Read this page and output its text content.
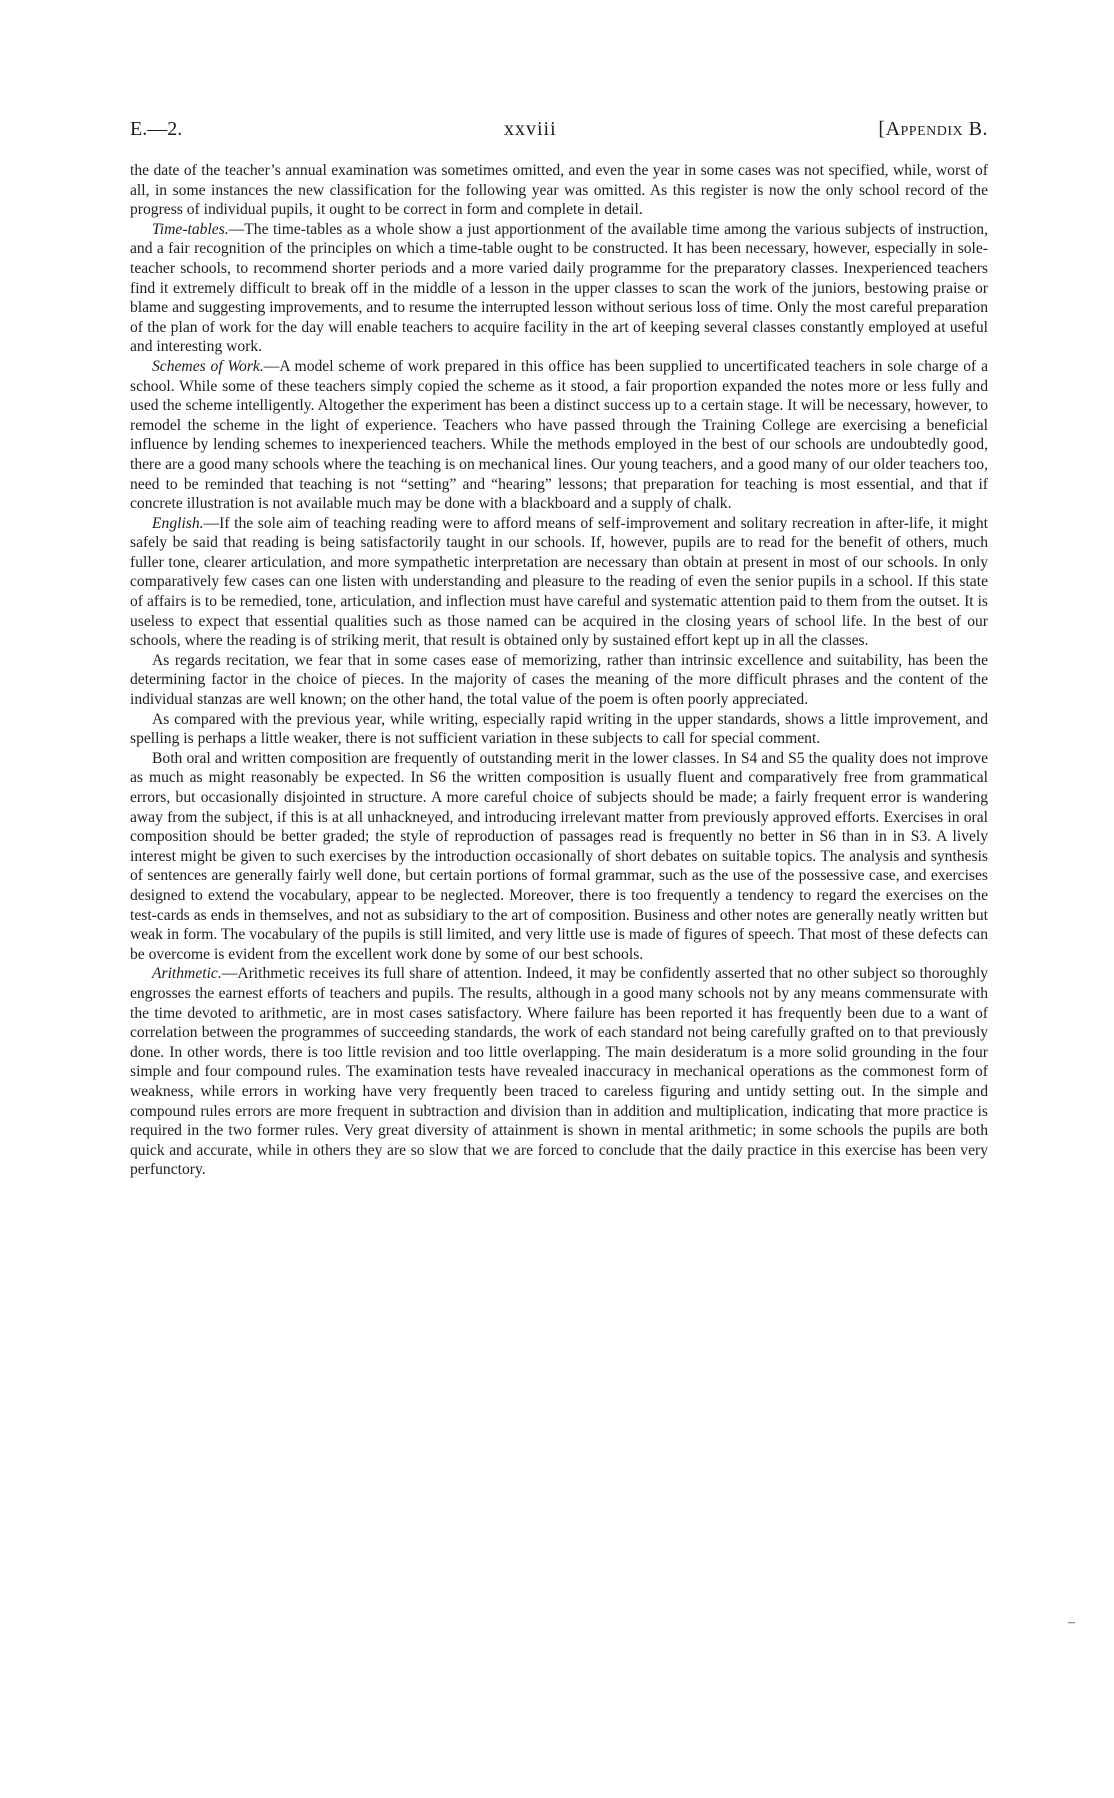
E.—2.	xxviii	[Appendix B.

the date of the teacher’s annual examination was sometimes omitted, and even the year in some cases was not specified, while, worst of all, in some instances the new classification for the following year was omitted. As this register is now the only school record of the progress of individual pupils, it ought to be correct in form and complete in detail.

Time-tables.—The time-tables as a whole show a just apportionment of the available time among the various subjects of instruction, and a fair recognition of the principles on which a time-table ought to be constructed. It has been necessary, however, especially in sole-teacher schools, to recommend shorter periods and a more varied daily programme for the preparatory classes. Inexperienced teachers find it extremely difficult to break off in the middle of a lesson in the upper classes to scan the work of the juniors, bestowing praise or blame and suggesting improvements, and to resume the interrupted lesson without serious loss of time. Only the most careful preparation of the plan of work for the day will enable teachers to acquire facility in the art of keeping several classes constantly employed at useful and interesting work.

Schemes of Work.—A model scheme of work prepared in this office has been supplied to uncertificated teachers in sole charge of a school. While some of these teachers simply copied the scheme as it stood, a fair proportion expanded the notes more or less fully and used the scheme intelligently. Altogether the experiment has been a distinct success up to a certain stage. It will be necessary, however, to remodel the scheme in the light of experience. Teachers who have passed through the Training College are exercising a beneficial influence by lending schemes to inexperienced teachers. While the methods employed in the best of our schools are undoubtedly good, there are a good many schools where the teaching is on mechanical lines. Our young teachers, and a good many of our older teachers too, need to be reminded that teaching is not “setting” and “hearing” lessons; that preparation for teaching is most essential, and that if concrete illustration is not available much may be done with a blackboard and a supply of chalk.

English.—If the sole aim of teaching reading were to afford means of self-improvement and solitary recreation in after-life, it might safely be said that reading is being satisfactorily taught in our schools. If, however, pupils are to read for the benefit of others, much fuller tone, clearer articulation, and more sympathetic interpretation are necessary than obtain at present in most of our schools. In only comparatively few cases can one listen with understanding and pleasure to the reading of even the senior pupils in a school. If this state of affairs is to be remedied, tone, articulation, and inflection must have careful and systematic attention paid to them from the outset. It is useless to expect that essential qualities such as those named can be acquired in the closing years of school life. In the best of our schools, where the reading is of striking merit, that result is obtained only by sustained effort kept up in all the classes.

As regards recitation, we fear that in some cases ease of memorizing, rather than intrinsic excellence and suitability, has been the determining factor in the choice of pieces. In the majority of cases the meaning of the more difficult phrases and the content of the individual stanzas are well known; on the other hand, the total value of the poem is often poorly appreciated.

As compared with the previous year, while writing, especially rapid writing in the upper standards, shows a little improvement, and spelling is perhaps a little weaker, there is not sufficient variation in these subjects to call for special comment.

Both oral and written composition are frequently of outstanding merit in the lower classes. In S4 and S5 the quality does not improve as much as might reasonably be expected. In S6 the written composition is usually fluent and comparatively free from grammatical errors, but occasionally disjointed in structure. A more careful choice of subjects should be made; a fairly frequent error is wandering away from the subject, if this is at all unhackneyed, and introducing irrelevant matter from previously approved efforts. Exercises in oral composition should be better graded; the style of reproduction of passages read is frequently no better in S6 than in in S3. A lively interest might be given to such exercises by the introduction occasionally of short debates on suitable topics. The analysis and synthesis of sentences are generally fairly well done, but certain portions of formal grammar, such as the use of the possessive case, and exercises designed to extend the vocabulary, appear to be neglected. Moreover, there is too frequently a tendency to regard the exercises on the test-cards as ends in themselves, and not as subsidiary to the art of composition. Business and other notes are generally neatly written but weak in form. The vocabulary of the pupils is still limited, and very little use is made of figures of speech. That most of these defects can be overcome is evident from the excellent work done by some of our best schools.

Arithmetic.—Arithmetic receives its full share of attention. Indeed, it may be confidently asserted that no other subject so thoroughly engrosses the earnest efforts of teachers and pupils. The results, although in a good many schools not by any means commensurate with the time devoted to arithmetic, are in most cases satisfactory. Where failure has been reported it has frequently been due to a want of correlation between the programmes of succeeding standards, the work of each standard not being carefully grafted on to that previously done. In other words, there is too little revision and too little overlapping. The main desideratum is a more solid grounding in the four simple and four compound rules. The examination tests have revealed inaccuracy in mechanical operations as the commonest form of weakness, while errors in working have very frequently been traced to careless figuring and untidy setting out. In the simple and compound rules errors are more frequent in subtraction and division than in addition and multiplication, indicating that more practice is required in the two former rules. Very great diversity of attainment is shown in mental arithmetic; in some schools the pupils are both quick and accurate, while in others they are so slow that we are forced to conclude that the daily practice in this exercise has been very perfunctory.

–
